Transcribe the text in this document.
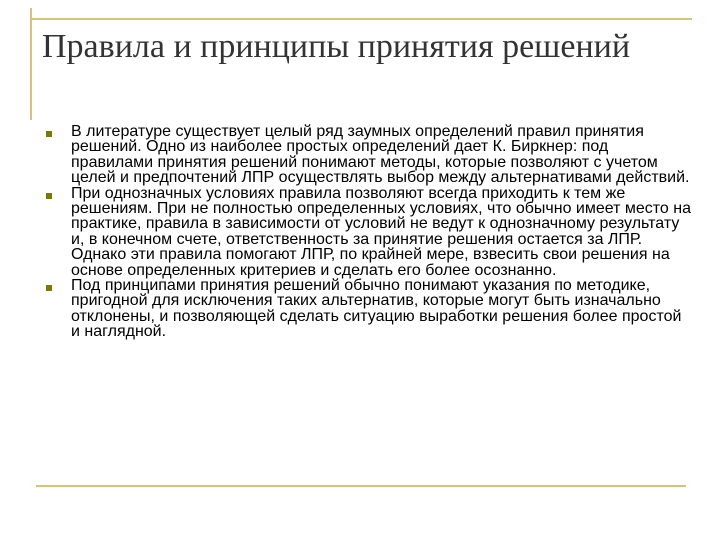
Правила и принципы принятия решений
В литературе существует целый ряд заумных определений правил принятия решений. Одно из наиболее простых определений дает К. Биркнер: под правилами принятия решений понимают методы, которые позволяют с учетом целей и предпочтений ЛПР осуществлять выбор между альтернативами действий.
При однозначных условиях правила позволяют всегда приходить к тем же решениям. При не полностью определенных условиях, что обычно имеет место на практике, правила в зависимости от условий не ведут к однозначному результату и, в конечном счете, ответственность за принятие решения остается за ЛПР. Однако эти правила помогают ЛПР, по крайней мере, взвесить свои решения на основе определенных критериев и сделать его более осознанно.
Под принципами принятия решений обычно понимают указания по методике, пригодной для исключения таких альтернатив, которые могут быть изначально отклонены, и позволяющей сделать ситуацию выработки решения более простой и наглядной.
